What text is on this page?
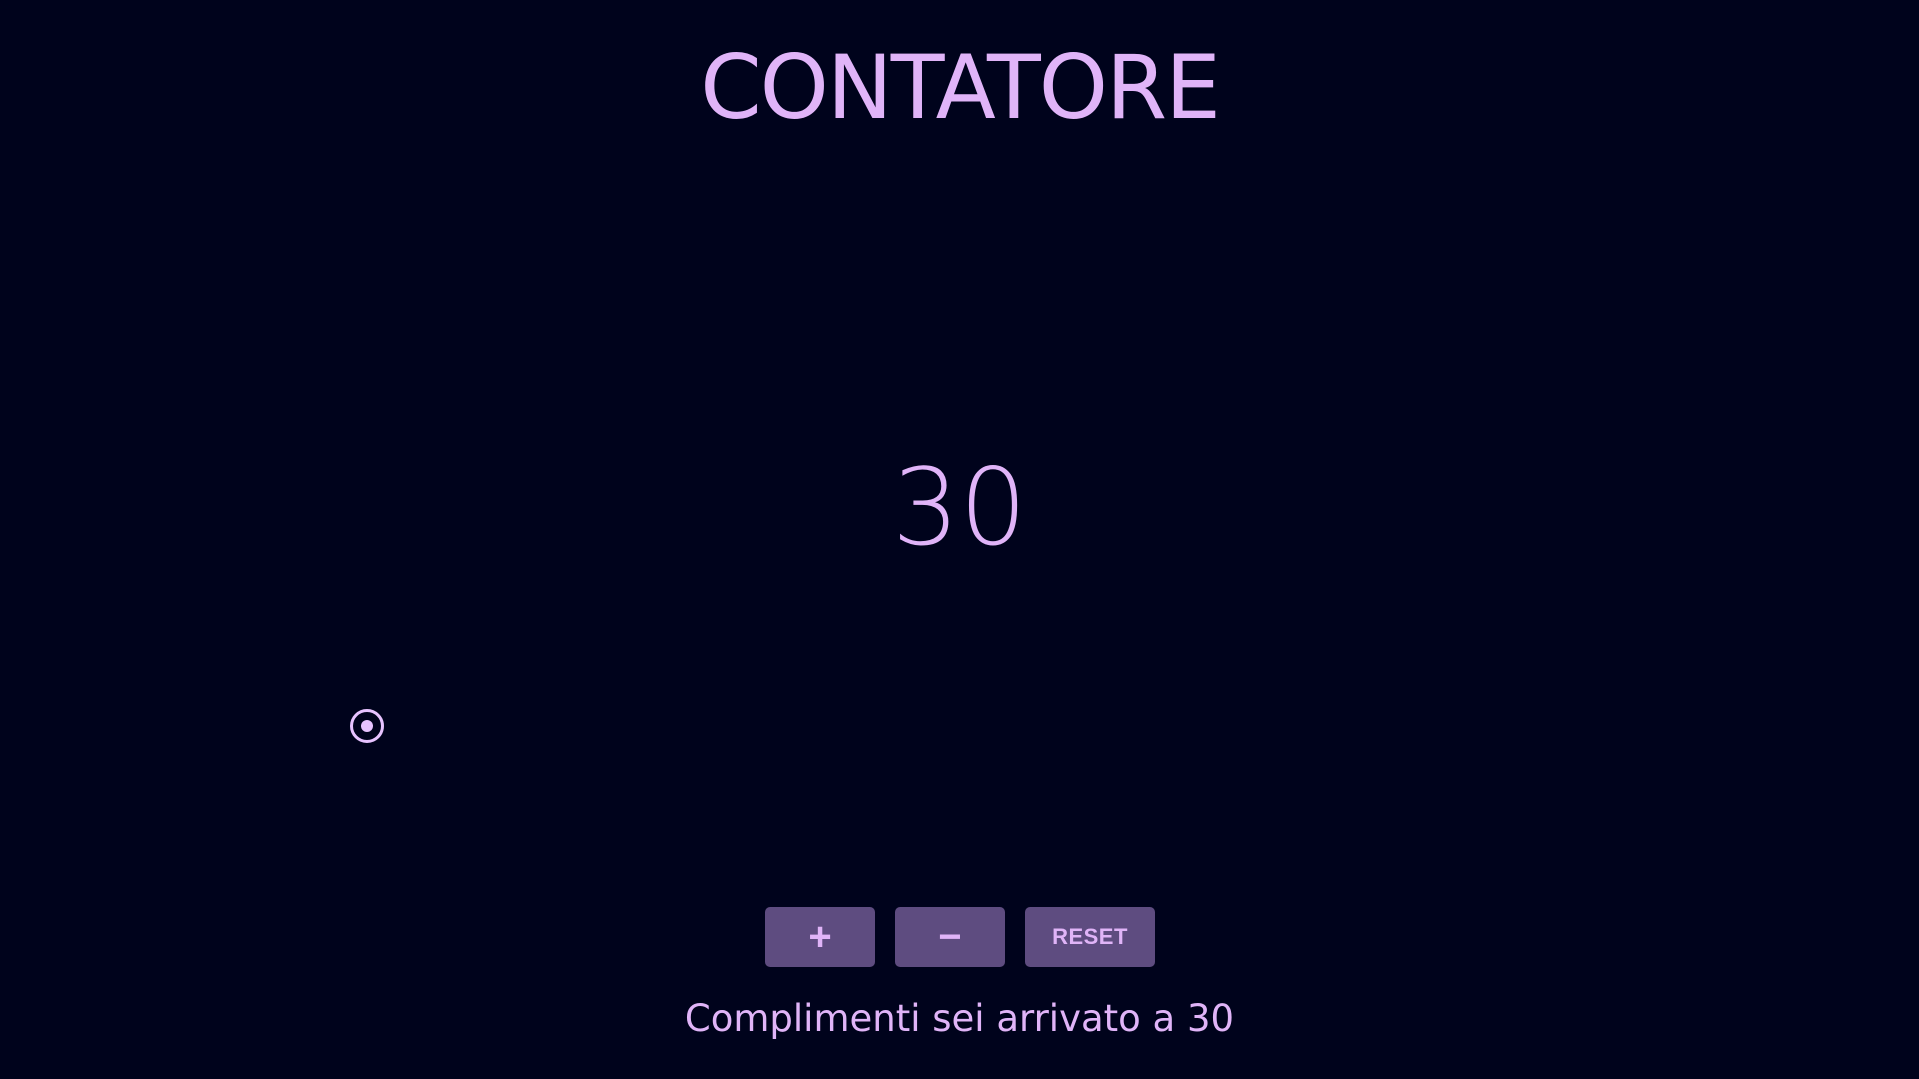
CONTATORE
30
+	−	RESET
Complimenti sei arrivato a 30
